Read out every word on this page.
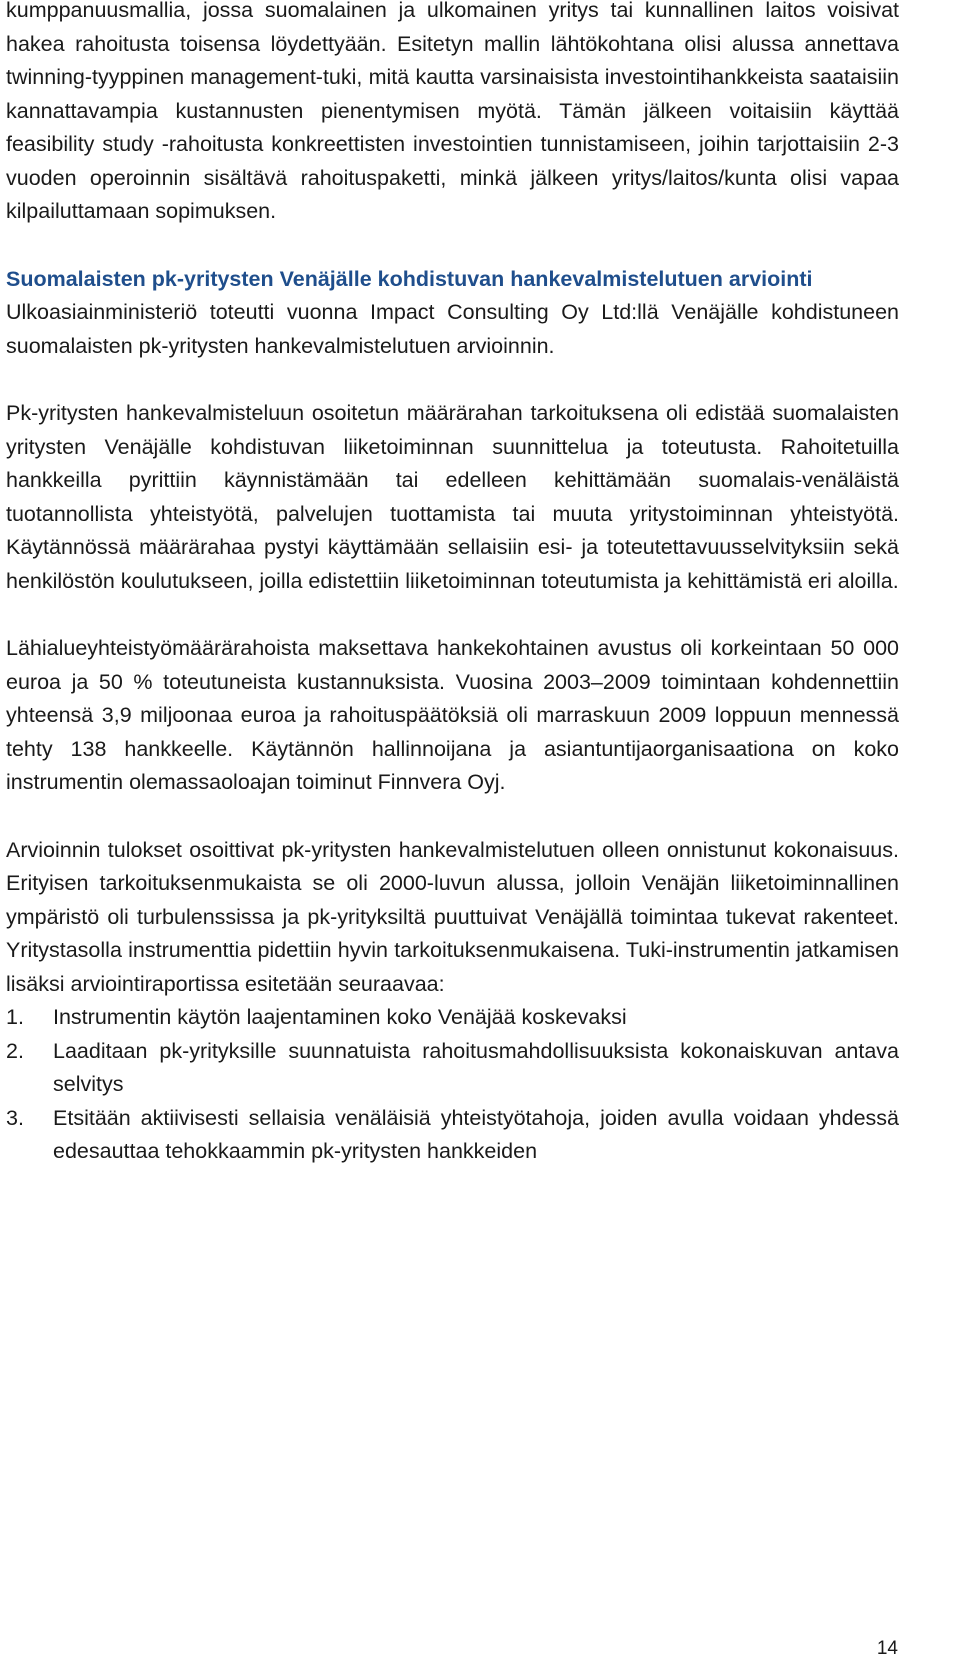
kumppanuusmallia, jossa suomalainen ja ulkomainen yritys tai kunnallinen laitos voisivat hakea rahoitusta toisensa löydettyään. Esitetyn mallin lähtökohtana olisi alussa annettava twinning-tyyppinen management-tuki, mitä kautta varsinaisista investointihankkeista saataisiin kannattavampia kustannusten pienentymisen myötä. Tämän jälkeen voitaisiin käyttää feasibility study -rahoitusta konkreettisten investointien tunnistamiseen, joihin tarjottaisiin 2-3 vuoden operoinnin sisältävä rahoituspaketti, minkä jälkeen yritys/laitos/kunta olisi vapaa kilpailuttamaan sopimuksen.

Suomalaisten pk-yritysten Venäjälle kohdistuvan hankevalmistelutuen arviointi

Ulkoasiainministeriö toteutti vuonna Impact Consulting Oy Ltd:llä Venäjälle kohdistuneen suomalaisten pk-yritysten hankevalmistelutuen arvioinnin.

Pk-yritysten hankevalmisteluun osoitetun määrärahan tarkoituksena oli edistää suomalaisten yritysten Venäjälle kohdistuvan liiketoiminnan suunnittelua ja toteutusta. Rahoitetuilla hankkeilla pyrittiin käynnistämään tai edelleen kehittämään suomalais-venäläistä tuotannollista yhteistyötä, palvelujen tuottamista tai muuta yritystoiminnan yhteistyötä. Käytännössä määrärahaa pystyi käyttämään sellaisiin esi- ja toteutettavuusselvityksiin sekä henkilöstön koulutukseen, joilla edistettiin liiketoiminnan toteutumista ja kehittämistä eri aloilla.

Lähialueyhteistyömäärärahoista maksettava hankekohtainen avustus oli korkeintaan 50 000 euroa ja 50 % toteutuneista kustannuksista. Vuosina 2003–2009 toimintaan kohdennettiin yhteensä 3,9 miljoonaa euroa ja rahoituspäätöksiä oli marraskuun 2009 loppuun mennessä tehty 138 hankkeelle. Käytännön hallinnoijana ja asiantuntijaorganisaationa on koko instrumentin olemassaoloajan toiminut Finnvera Oyj.

Arvioinnin tulokset osoittivat pk-yritysten hankevalmistelutuen olleen onnistunut kokonaisuus. Erityisen tarkoituksenmukaista se oli 2000-luvun alussa, jolloin Venäjän liiketoiminnallinen ympäristö oli turbulenssissa ja pk-yrityksiltä puuttuivat Venäjällä toimintaa tukevat rakenteet. Yritystasolla instrumenttia pidettiin hyvin tarkoituksenmukaisena. Tuki-instrumentin jatkamisen lisäksi arviointiraportissa esitetään seuraavaa:

1. Instrumentin käytön laajentaminen koko Venäjää koskevaksi
2. Laaditaan pk-yrityksille suunnatuista rahoitusmahdollisuuksista kokonaiskuvan antava selvitys
3. Etsitään aktiivisesti sellaisia venäläisiä yhteistyötahoja, joiden avulla voidaan yhdessä edesauttaa tehokkaammin pk-yritysten hankkeiden
14
